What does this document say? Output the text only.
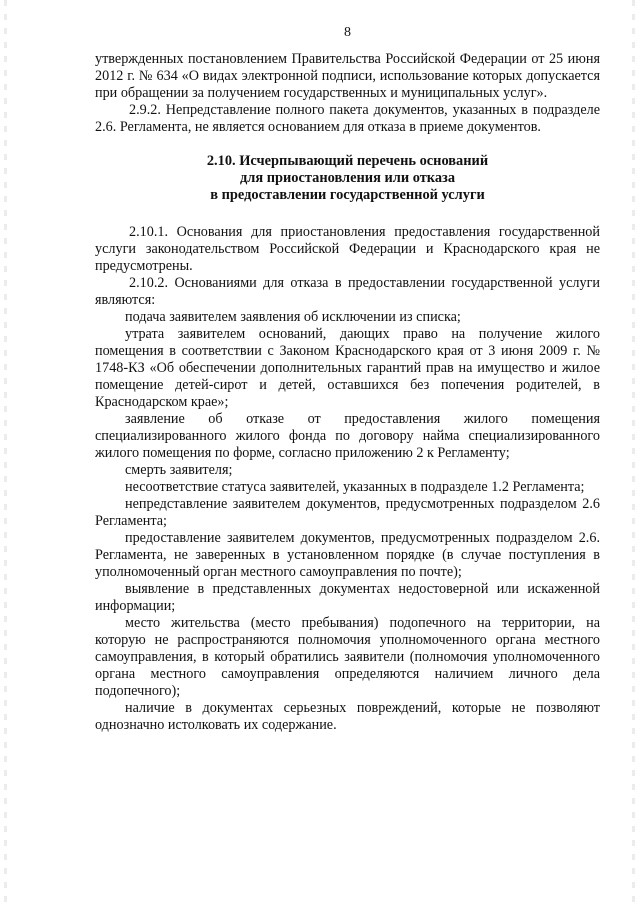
8

утвержденных постановлением Правительства Российской Федерации от 25 июня 2012 г. № 634 «О видах электронной подписи, использование которых допускается при обращении за получением государственных и муниципальных услуг».

2.9.2. Непредставление полного пакета документов, указанных в подразделе 2.6. Регламента, не является основанием для отказа в приеме документов.

2.10. Исчерпывающий перечень оснований
для приостановления или отказа
в предоставлении государственной услуги

2.10.1. Основания для приостановления предоставления государственной услуги законодательством Российской Федерации и Краснодарского края не предусмотрены.

2.10.2. Основаниями для отказа в предоставлении государственной услуги являются:

подача заявителем заявления об исключении из списка;

утрата заявителем оснований, дающих право на получение жилого помещения в соответствии с Законом Краснодарского края от 3 июня 2009 г. № 1748-КЗ «Об обеспечении дополнительных гарантий прав на имущество и жилое помещение детей-сирот и детей, оставшихся без попечения родителей, в Краснодарском крае»;

заявление об отказе от предоставления жилого помещения специализированного жилого фонда по договору найма специализированного жилого помещения по форме, согласно приложению 2 к Регламенту;

смерть заявителя;

несоответствие статуса заявителей, указанных в подразделе 1.2 Регламента;

непредставление заявителем документов, предусмотренных подразделом 2.6 Регламента;

предоставление заявителем документов, предусмотренных подразделом 2.6. Регламента, не заверенных в установленном порядке (в случае поступления в уполномоченный орган местного самоуправления по почте);

выявление в представленных документах недостоверной или искаженной информации;

место жительства (место пребывания) подопечного на территории, на которую не распространяются полномочия уполномоченного органа местного самоуправления, в который обратились заявители (полномочия уполномоченного органа местного самоуправления определяются наличием личного дела подопечного);

наличие в документах серьезных повреждений, которые не позволяют однозначно истолковать их содержание.
